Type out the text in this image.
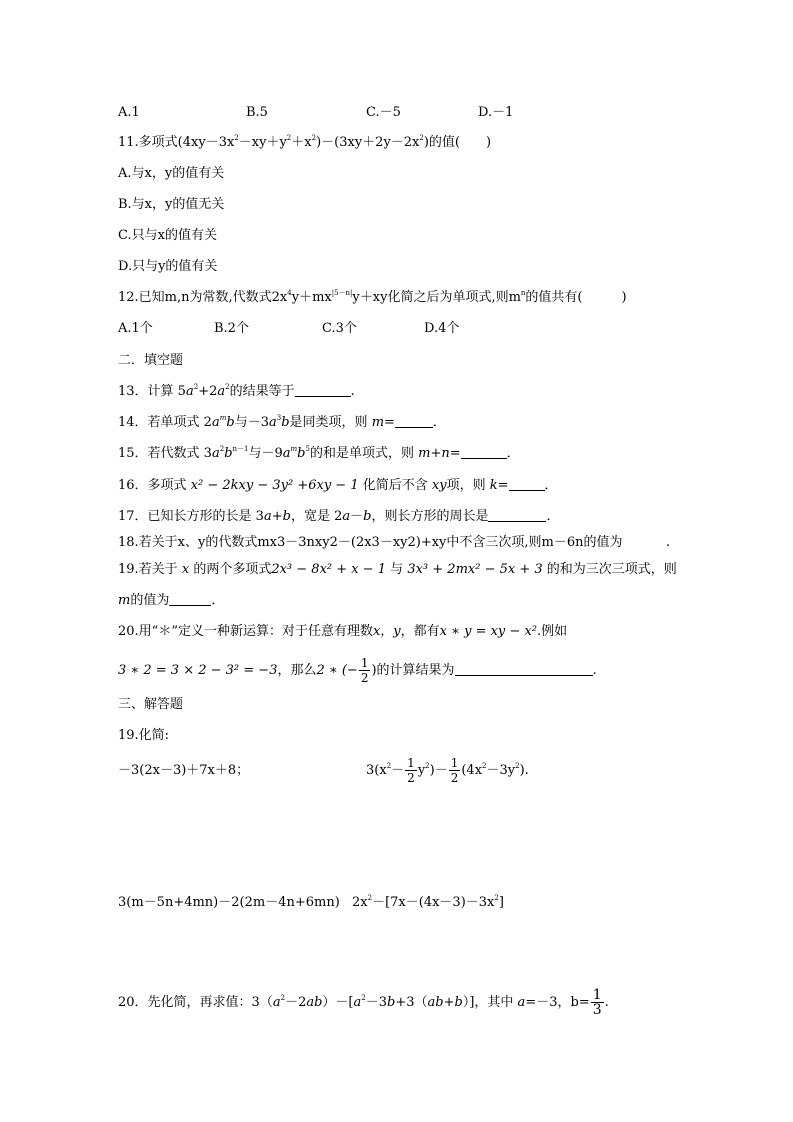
A.1	B.5	C.－5	D.－1
11.多项式$(4xy-3x^2-xy+y^2+x^2)-(3xy+2y-2x^2)$的值(　　)
A.与x，y的值有关
B.与x，y的值无关
C.只与x的值有关
D.只与y的值有关
12.已知m,n为常数,代数式$2x^4y+mx^{|5-n|}y+xy$化简之后为单项式,则$m^n$的值共有(　　　)
A.1个	B.2个	C.3个	D.4个
二．填空题
13．计算 $5a^2+2a^2$的结果等于	.
14．若单项式 $2a^mb$与$-3a^3b$是同类项，则 m=	．
15．若代数式 $3a^2b^{n-1}$与$-9a^mb^5$的和是单项式，则 m+n=	．
16．多项式 x² − 2kxy − 3y² +6xy − 1 化简后不含 xy项，则 k=	．
17．已知长方形的长是 3a+b，宽是 2a－b，则长方形的周长是	．
18.若关于x、y的代数式mx3－3nxy2－(2x3－xy2)+xy中不含三次项,则m－6n的值为	.
19.若关于 x 的两个多项式2x³ − 8x² + x − 1 与 3x³ + 2mx² − 5x + 3 的和为三次三项式，则
m的值为	．
20.用“＊”定义一种新运算：对于任意有理数x，y，都有x ∗ y = xy − x².例如
3 ∗ 2 = 3 × 2 − 3² = −3，那么2 ∗ (− $\frac{1}{2}$ )的计算结果为	.
三、解答题
19.化简:
－3(2x－3)＋7x＋8；	$3(x^2- \frac{1}{2} y^2)- \frac{1}{2} (4x^2-3y^2)$.
3(m－5n+4mn)－2(2m－4n+6mn) $2x^2-[7x-(4x-3)-3x^2]$
20．先化简，再求值：$3(a^2-2ab)-[a^2-3b+3(ab+b)]$，其中 a=－3，$b= \frac{1}{3}$ .
